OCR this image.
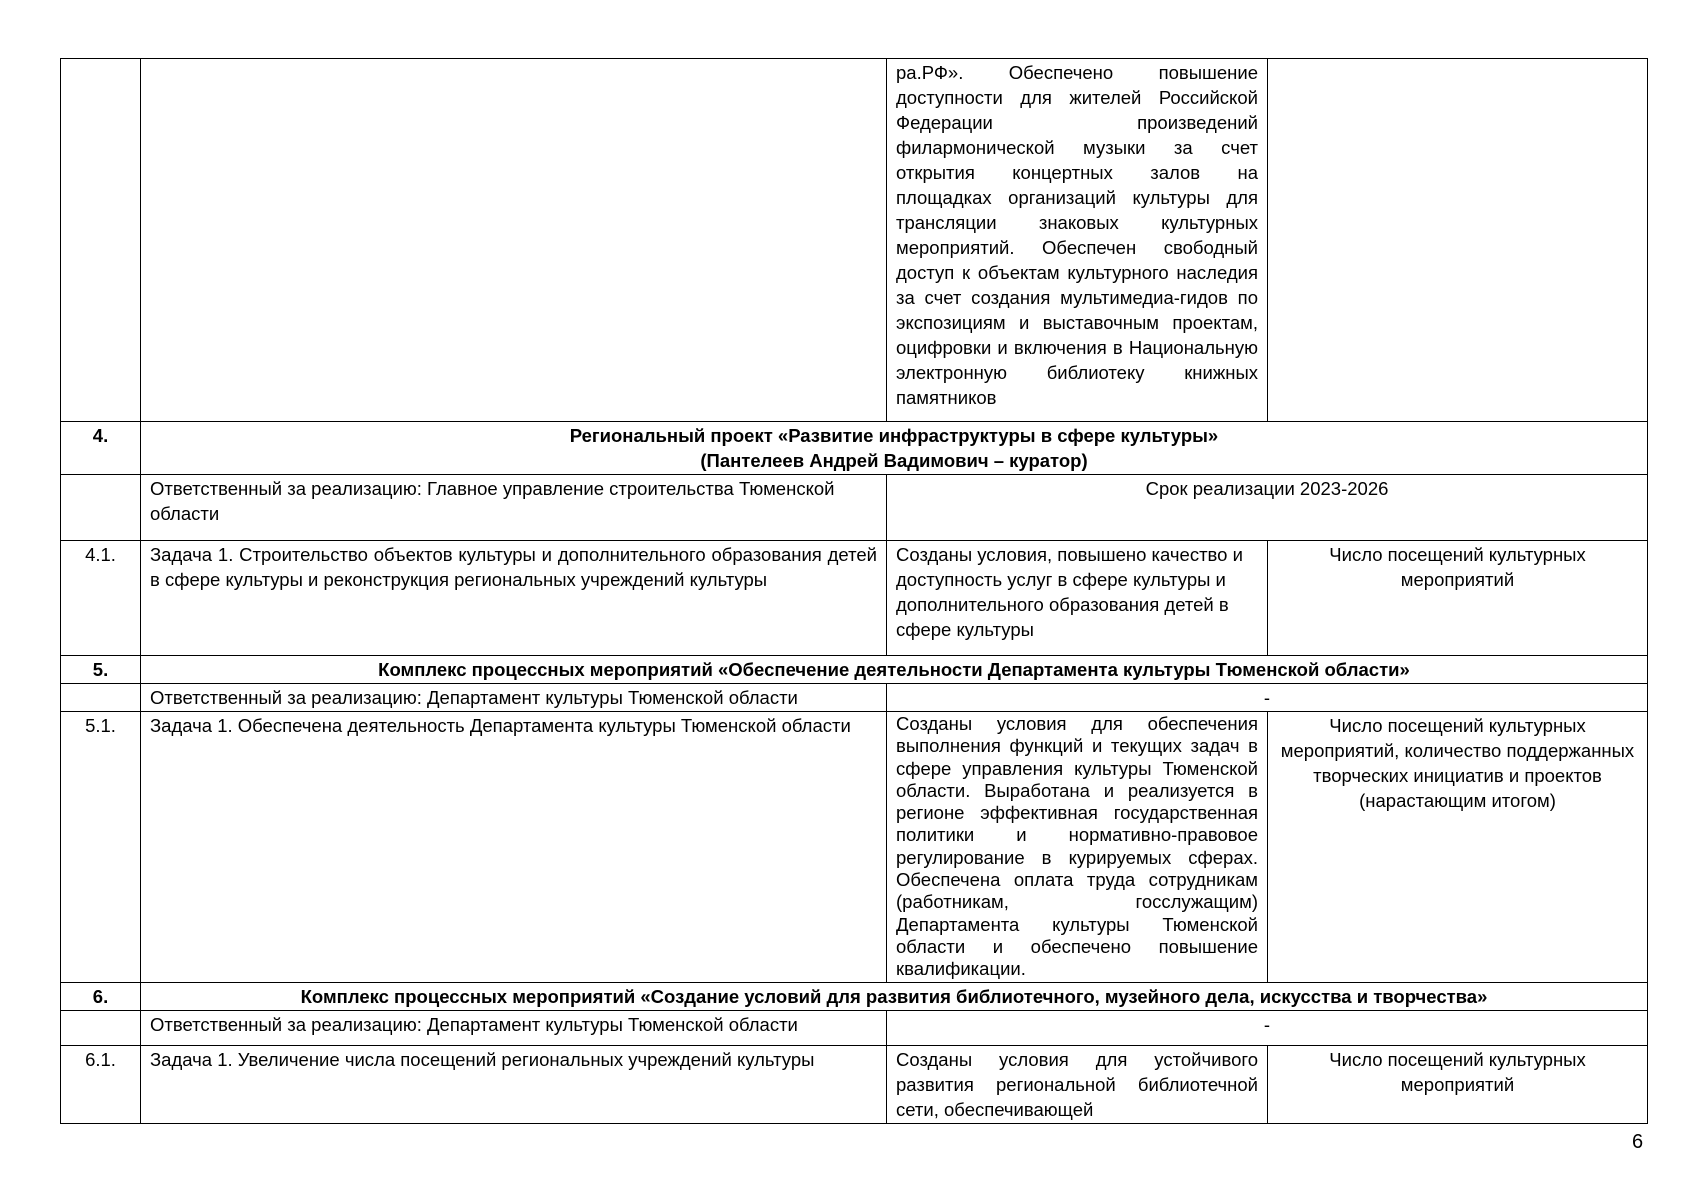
		ра.РФ». Обеспечено повышение доступности для жителей Российской Федерации произведений филармонической музыки за счет открытия концертных залов на площадках организаций культуры для трансляции знаковых культурных мероприятий. Обеспечен свободный доступ к объектам культурного наследия за счет создания мультимедиа-гидов по экспозициям и выставочным проектам, оцифровки и включения в Национальную электронную библиотеку книжных памятников	
4.	Региональный проект «Развитие инфраструктуры в сфере культуры»
(Пантелеев Андрей Вадимович – куратор)		

	Ответственный за реализацию: Главное управление строительства Тюменской области	Срок реализации 2023-2026	
4.1.	Задача 1. Строительство объектов культуры и дополнительного образования детей в сфере культуры и реконструкция региональных учреждений культуры	Созданы условия, повышено качество и доступность услуг в сфере культуры и дополнительного образования детей в сфере культуры	Число посещений культурных мероприятий
5.	Комплекс процессных мероприятий «Обеспечение деятельности Департамента культуры Тюменской области»		
	Ответственный за реализацию: Департамент культуры Тюменской области	-	
5.1.	Задача 1. Обеспечена деятельность Департамента культуры Тюменской области	Созданы условия для обеспечения выполнения функций и текущих задач в сфере управления культуры Тюменской области. Выработана и реализуется в регионе эффективная государственная политики и нормативно-правовое регулирование в курируемых сферах. Обеспечена оплата труда сотрудникам (работникам, госслужащим) Департамента культуры Тюменской области и обеспечено повышение квалификации.	Число посещений культурных мероприятий, количество поддержанных творческих инициатив и проектов (нарастающим итогом)
6.	Комплекс процессных мероприятий «Создание условий для развития библиотечного, музейного дела, искусства и творчества»		
	Ответственный за реализацию: Департамент культуры Тюменской области	-	
6.1.	Задача 1. Увеличение числа посещений региональных учреждений культуры	Созданы условия для устойчивого развития региональной библиотечной сети, обеспечивающей	Число посещений культурных мероприятий
6
